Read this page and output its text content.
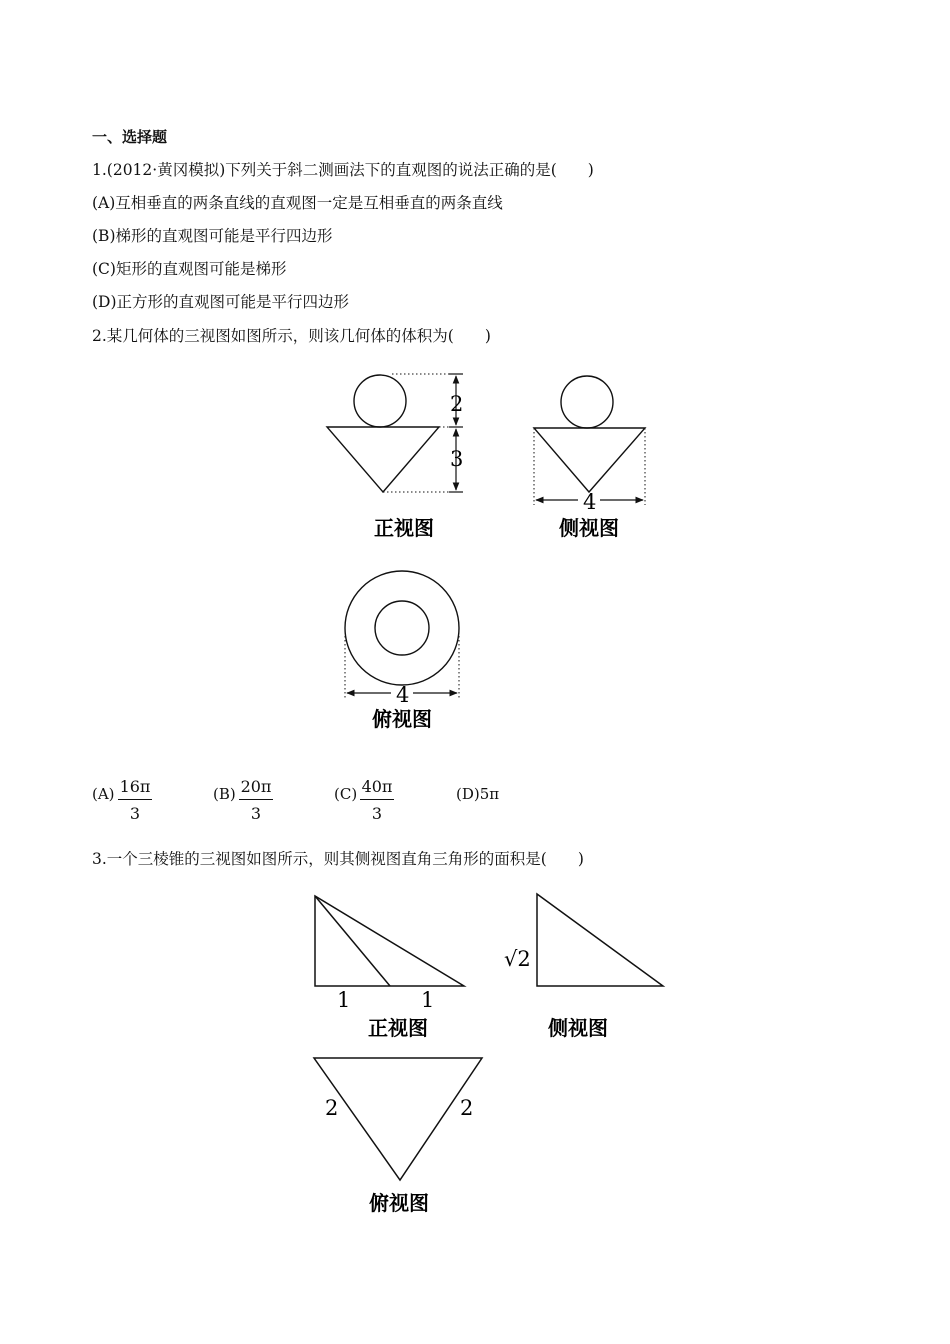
一、选择题
1.(2012·黄冈模拟)下列关于斜二测画法下的直观图的说法正确的是(　　)
(A)互相垂直的两条直线的直观图一定是互相垂直的两条直线
(B)梯形的直观图可能是平行四边形
(C)矩形的直观图可能是梯形
(D)正方形的直观图可能是平行四边形
2.某几何体的三视图如图所示，则该几何体的体积为(　　)
2
3
正视图
4
侧视图
4
俯视图
$(A) \frac{16\pi}{3}$	$(B) \frac{20\pi}{3}$	$(C) \frac{40\pi}{3}$	(D)5π
3.一个三棱锥的三视图如图所示，则其侧视图直角三角形的面积是(　　)
1	1
正视图
√2
侧视图
2	2
俯视图
